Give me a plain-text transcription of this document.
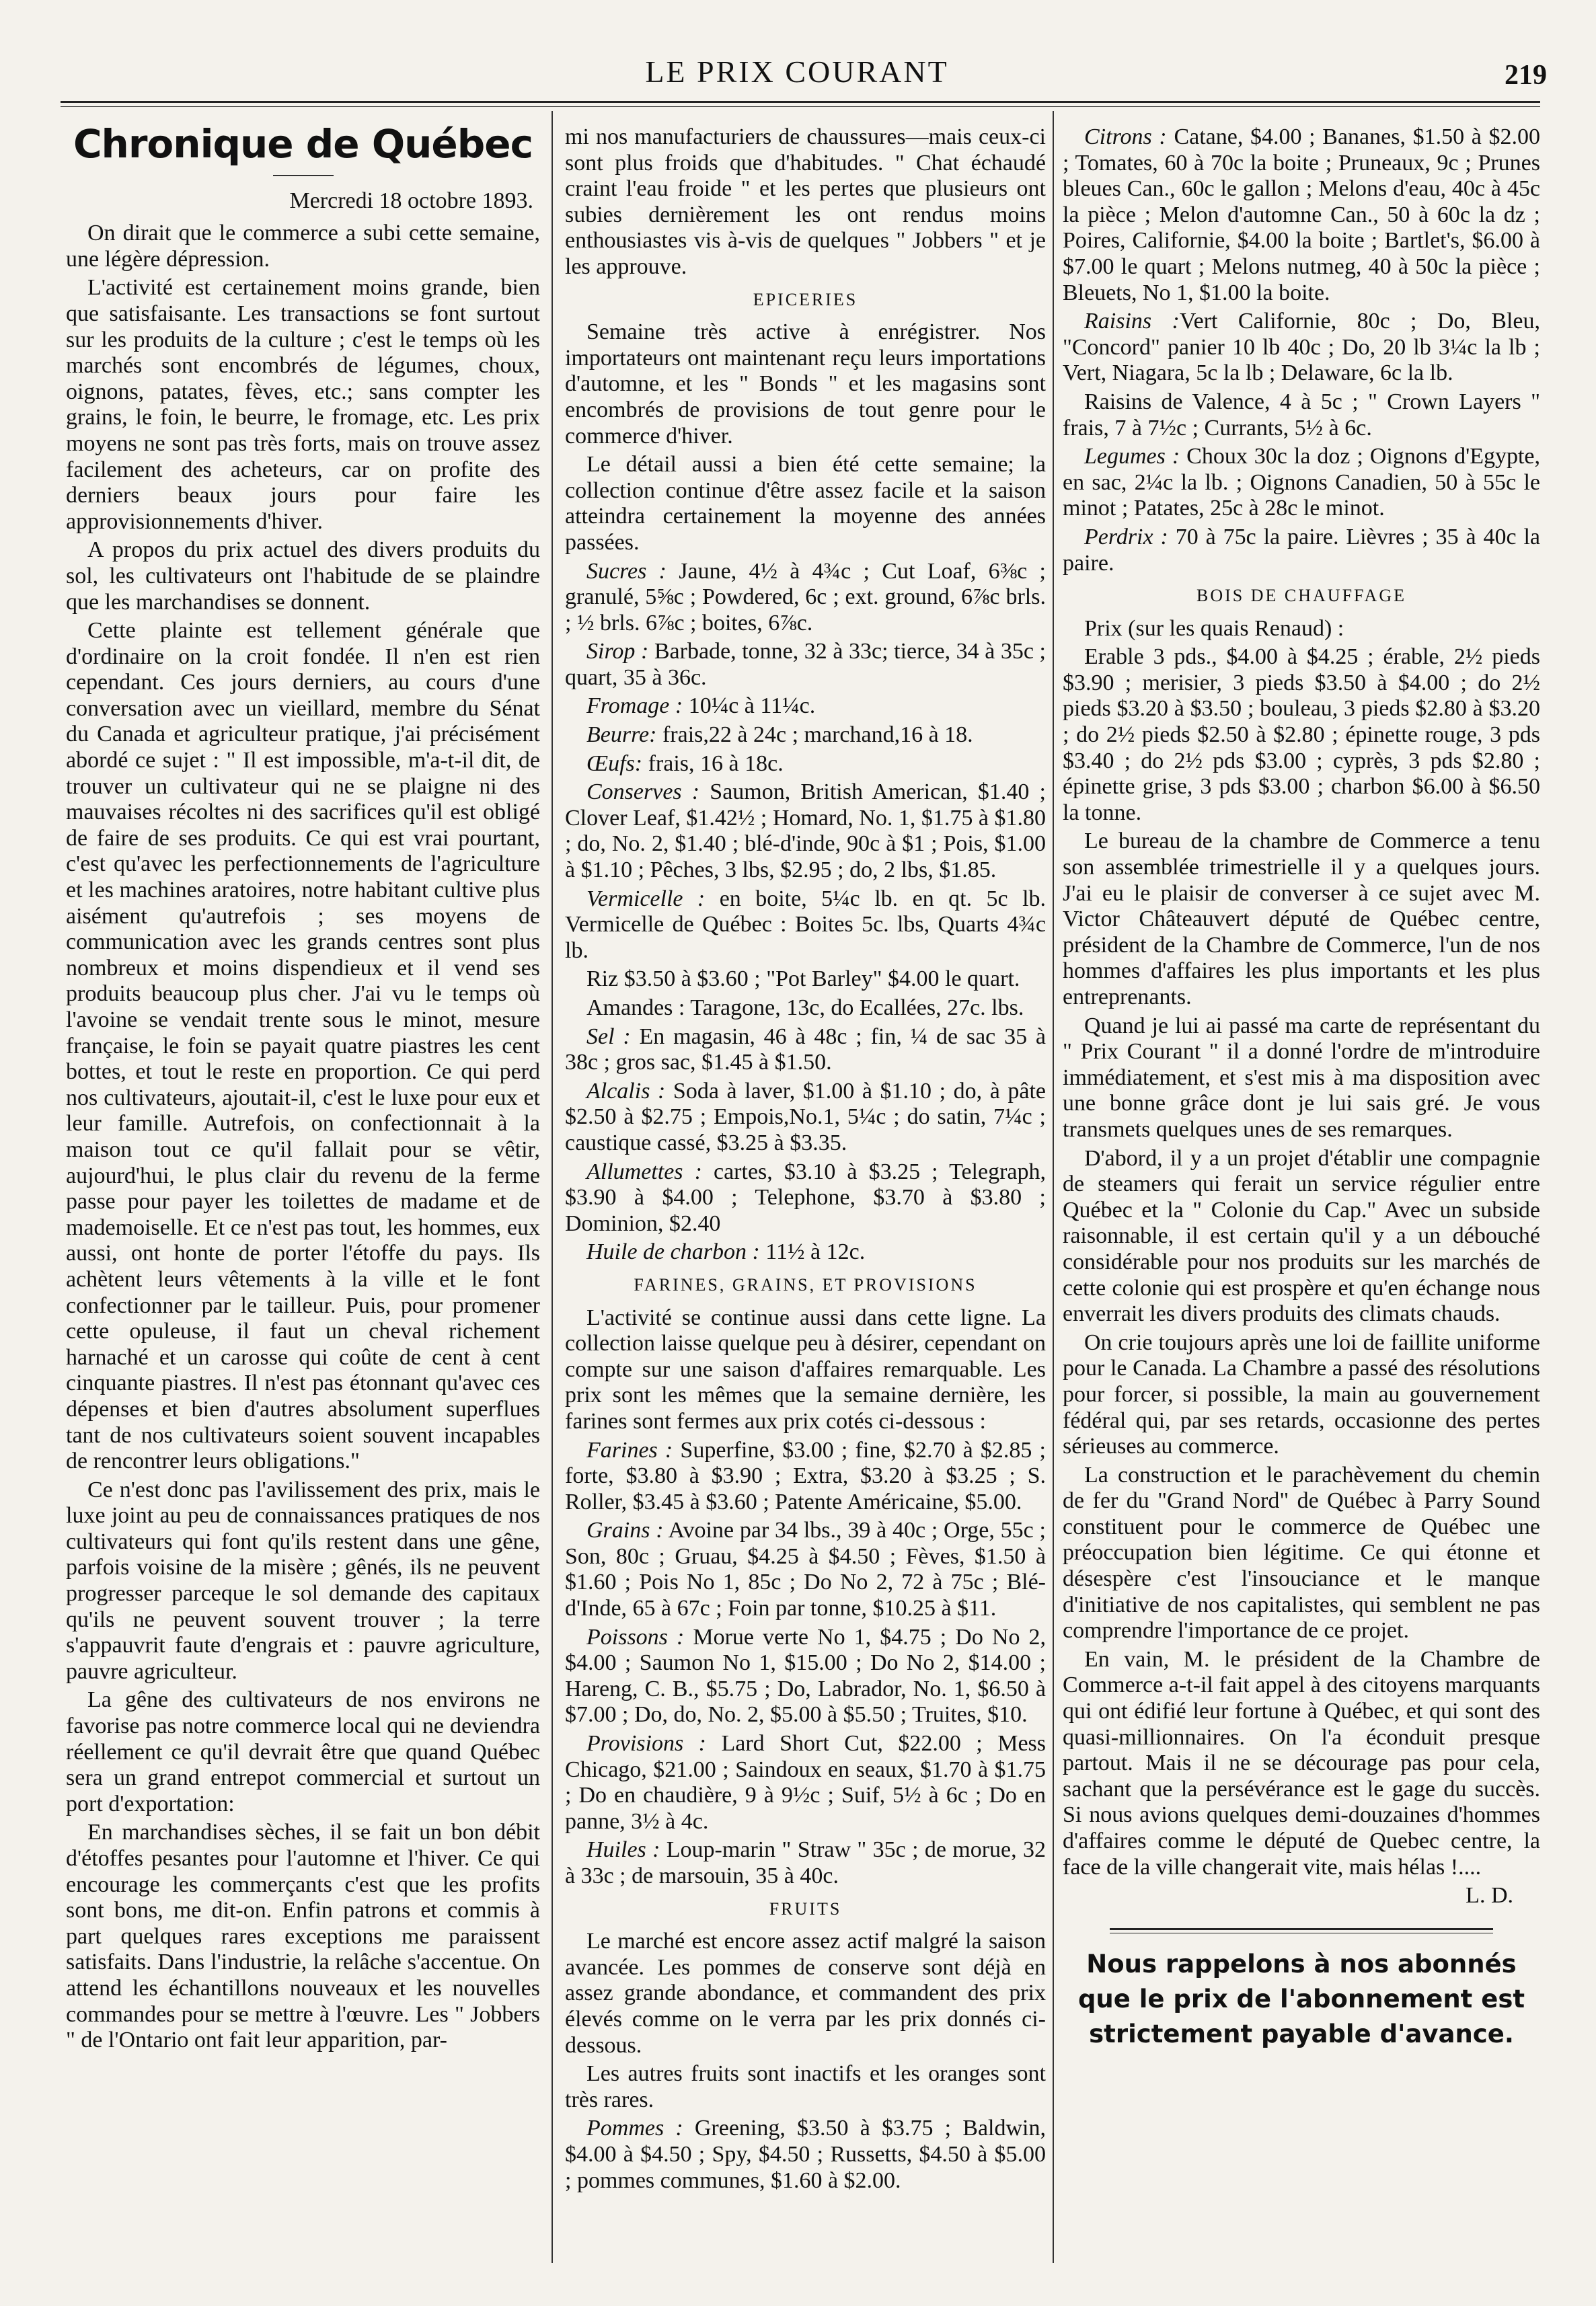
LE PRIX COURANT	219
Chronique de Québec
Mercredi 18 octobre 1893.

On dirait que le commerce a subi cette semaine, une légère dépression.

L'activité est certainement moins grande, bien que satisfaisante. Les transactions se font surtout sur les produits de la culture ; c'est le temps où les marchés sont encombrés de légumes, choux, oignons, patates, fèves, etc.; sans compter les grains, le foin, le beurre, le fromage, etc. Les prix moyens ne sont pas très forts, mais on trouve assez facilement des acheteurs, car on profite des derniers beaux jours pour faire les approvisionnements d'hiver.

A propos du prix actuel des divers produits du sol, les cultivateurs ont l'habitude de se plaindre que les marchandises se donnent.

Cette plainte est tellement générale que d'ordinaire on la croit fondée. Il n'en est rien cependant. Ces jours derniers, au cours d'une conversation avec un vieillard, membre du Sénat du Canada et agriculteur pratique, j'ai précisément abordé ce sujet : " Il est impossible, m'a-t-il dit, de trouver un cultivateur qui ne se plaigne ni des mauvaises récoltes ni des sacrifices qu'il est obligé de faire de ses produits. Ce qui est vrai pourtant, c'est qu'avec les perfectionnements de l'agriculture et les machines aratoires, notre habitant cultive plus aisément qu'autrefois ; ses moyens de communication avec les grands centres sont plus nombreux et moins dispendieux et il vend ses produits beaucoup plus cher. J'ai vu le temps où l'avoine se vendait trente sous le minot, mesure française, le foin se payait quatre piastres les cent bottes, et tout le reste en proportion. Ce qui perd nos cultivateurs, ajoutait-il, c'est le luxe pour eux et leur famille. Autrefois, on confectionnait à la maison tout ce qu'il fallait pour se vêtir, aujourd'hui, le plus clair du revenu de la ferme passe pour payer les toilettes de madame et de mademoiselle. Et ce n'est pas tout, les hommes, eux aussi, ont honte de porter l'étoffe du pays. Ils achètent leurs vêtements à la ville et le font confectionner par le tailleur. Puis, pour promener cette opuleuse, il faut un cheval richement harnaché et un carosse qui coûte de cent à cent cinquante piastres. Il n'est pas étonnant qu'avec ces dépenses et bien d'autres absolument superflues tant de nos cultivateurs soient souvent incapables de rencontrer leurs obligations."

Ce n'est donc pas l'avilissement des prix, mais le luxe joint au peu de connaissances pratiques de nos cultivateurs qui font qu'ils restent dans une gêne, parfois voisine de la misère ; gênés, ils ne peuvent progresser parceque le sol demande des capitaux qu'ils ne peuvent souvent trouver ; la terre s'appauvrit faute d'engrais et : pauvre agriculture, pauvre agriculteur.

La gêne des cultivateurs de nos environs ne favorise pas notre commerce local qui ne deviendra réellement ce qu'il devrait être que quand Québec sera un grand entrepot commercial et surtout un port d'exportation:

En marchandises sèches, il se fait un bon débit d'étoffes pesantes pour l'automne et l'hiver. Ce qui encourage les commerçants c'est que les profits sont bons, me dit-on. Enfin patrons et commis à part quelques rares exceptions me paraissent satisfaits. Dans l'industrie, la relâche s'accentue. On attend les échantillons nouveaux et les nouvelles commandes pour se mettre à l'œuvre. Les " Jobbers " de l'Ontario ont fait leur apparition, par-

mi nos manufacturiers de chaussures—mais ceux-ci sont plus froids que d'habitudes. " Chat échaudé craint l'eau froide " et les pertes que plusieurs ont subies dernièrement les ont rendus moins enthousiastes vis à-vis de quelques " Jobbers " et je les approuve.

EPICERIES

Semaine très active à enrégistrer. Nos importateurs ont maintenant reçu leurs importations d'automne, et les " Bonds " et les magasins sont encombrés de provisions de tout genre pour le commerce d'hiver.

Le détail aussi a bien été cette semaine; la collection continue d'être assez facile et la saison atteindra certainement la moyenne des années passées.

Sucres : Jaune, 4½ à 4¾c ; Cut Loaf, 6⅜c ; granulé, 5⅝c ; Powdered, 6c ; ext. ground, 6⅞c brls. ; ½ brls. 6⅞c ; boites, 6⅞c.

Sirop : Barbade, tonne, 32 à 33c; tierce, 34 à 35c ; quart, 35 à 36c.

Fromage : 10¼c à 11¼c.

Beurre: frais,22 à 24c ; marchand,16 à 18.

Œufs: frais, 16 à 18c.

Conserves : Saumon, British American, $1.40 ; Clover Leaf, $1.42½ ; Homard, No. 1, $1.75 à $1.80 ; do, No. 2, $1.40 ; blé-d'inde, 90c à $1 ; Pois, $1.00 à $1.10 ; Pêches, 3 lbs, $2.95 ; do, 2 lbs, $1.85.

Vermicelle : en boite, 5¼c lb. en qt. 5c lb. Vermicelle de Québec : Boites 5c. lbs, Quarts 4¾c lb.

Riz $3.50 à $3.60 ; "Pot Barley" $4.00 le quart.

Amandes : Taragone, 13c, do Ecallées, 27c. lbs.

Sel : En magasin, 46 à 48c ; fin, ¼ de sac 35 à 38c ; gros sac, $1.45 à $1.50.

Alcalis : Soda à laver, $1.00 à $1.10 ; do, à pâte $2.50 à $2.75 ; Empois,No.1, 5¼c ; do satin, 7¼c ; caustique cassé, $3.25 à $3.35.

Allumettes : cartes, $3.10 à $3.25 ; Telegraph, $3.90 à $4.00 ; Telephone, $3.70 à $3.80 ; Dominion, $2.40

Huile de charbon : 11½ à 12c.

FARINES, GRAINS, ET PROVISIONS

L'activité se continue aussi dans cette ligne. La collection laisse quelque peu à désirer, cependant on compte sur une saison d'affaires remarquable. Les prix sont les mêmes que la semaine dernière, les farines sont fermes aux prix cotés ci-dessous :

Farines : Superfine, $3.00 ; fine, $2.70 à $2.85 ; forte, $3.80 à $3.90 ; Extra, $3.20 à $3.25 ; S. Roller, $3.45 à $3.60 ; Patente Américaine, $5.00.

Grains : Avoine par 34 lbs., 39 à 40c ; Orge, 55c ; Son, 80c ; Gruau, $4.25 à $4.50 ; Fèves, $1.50 à $1.60 ; Pois No 1, 85c ; Do No 2, 72 à 75c ; Blé-d'Inde, 65 à 67c ; Foin par tonne, $10.25 à $11.

Poissons : Morue verte No 1, $4.75 ; Do No 2, $4.00 ; Saumon No 1, $15.00 ; Do No 2, $14.00 ; Hareng, C. B., $5.75 ; Do, Labrador, No. 1, $6.50 à $7.00 ; Do, do, No. 2, $5.00 à $5.50 ; Truites, $10.

Provisions : Lard Short Cut, $22.00 ; Mess Chicago, $21.00 ; Saindoux en seaux, $1.70 à $1.75 ; Do en chaudière, 9 à 9½c ; Suif, 5½ à 6c ; Do en panne, 3½ à 4c.

Huiles : Loup-marin " Straw " 35c ; de morue, 32 à 33c ; de marsouin, 35 à 40c.

FRUITS

Le marché est encore assez actif malgré la saison avancée. Les pommes de conserve sont déjà en assez grande abondance, et commandent des prix élevés comme on le verra par les prix donnés ci-dessous.

Les autres fruits sont inactifs et les oranges sont très rares.

Pommes : Greening, $3.50 à $3.75 ; Baldwin, $4.00 à $4.50 ; Spy, $4.50 ; Russetts, $4.50 à $5.00 ; pommes communes, $1.60 à $2.00.

Citrons : Catane, $4.00 ; Bananes, $1.50 à $2.00 ; Tomates, 60 à 70c la boite ; Pruneaux, 9c ; Prunes bleues Can., 60c le gallon ; Melons d'eau, 40c à 45c la pièce ; Melon d'automne Can., 50 à 60c la dz ; Poires, Californie, $4.00 la boite ; Bartlet's, $6.00 à $7.00 le quart ; Melons nutmeg, 40 à 50c la pièce ; Bleuets, No 1, $1.00 la boite.

Raisins :Vert Californie, 80c ; Do, Bleu, "Concord" panier 10 lb 40c ; Do, 20 lb 3¼c la lb ; Vert, Niagara, 5c la lb ; Delaware, 6c la lb.

Raisins de Valence, 4 à 5c ; " Crown Layers " frais, 7 à 7½c ; Currants, 5½ à 6c.

Legumes : Choux 30c la doz ; Oignons d'Egypte, en sac, 2¼c la lb. ; Oignons Canadien, 50 à 55c le minot ; Patates, 25c à 28c le minot.

Perdrix : 70 à 75c la paire. Lièvres ; 35 à 40c la paire.

BOIS DE CHAUFFAGE

Prix (sur les quais Renaud) :

Erable 3 pds., $4.00 à $4.25 ; érable, 2½ pieds $3.90 ; merisier, 3 pieds $3.50 à $4.00 ; do 2½ pieds $3.20 à $3.50 ; bouleau, 3 pieds $2.80 à $3.20 ; do 2½ pieds $2.50 à $2.80 ; épinette rouge, 3 pds $3.40 ; do 2½ pds $3.00 ; cyprès, 3 pds $2.80 ; épinette grise, 3 pds $3.00 ; charbon $6.00 à $6.50 la tonne.

Le bureau de la chambre de Commerce a tenu son assemblée trimestrielle il y a quelques jours. J'ai eu le plaisir de converser à ce sujet avec M. Victor Châteauvert député de Québec centre, président de la Chambre de Commerce, l'un de nos hommes d'affaires les plus importants et les plus entreprenants.

Quand je lui ai passé ma carte de représentant du " Prix Courant " il a donné l'ordre de m'introduire immédiatement, et s'est mis à ma disposition avec une bonne grâce dont je lui sais gré. Je vous transmets quelques unes de ses remarques.

D'abord, il y a un projet d'établir une compagnie de steamers qui ferait un service régulier entre Québec et la " Colonie du Cap." Avec un subside raisonnable, il est certain qu'il y a un débouché considérable pour nos produits sur les marchés de cette colonie qui est prospère et qu'en échange nous enverrait les divers produits des climats chauds.

On crie toujours après une loi de faillite uniforme pour le Canada. La Chambre a passé des résolutions pour forcer, si possible, la main au gouvernement fédéral qui, par ses retards, occasionne des pertes sérieuses au commerce.

La construction et le parachèvement du chemin de fer du "Grand Nord" de Québec à Parry Sound constituent pour le commerce de Québec une préoccupation bien légitime. Ce qui étonne et désespère c'est l'insouciance et le manque d'initiative de nos capitalistes, qui semblent ne pas comprendre l'importance de ce projet.

En vain, M. le président de la Chambre de Commerce a-t-il fait appel à des citoyens marquants qui ont édifié leur fortune à Québec, et qui sont des quasi-millionnaires. On l'a éconduit presque partout. Mais il ne se décourage pas pour cela, sachant que la persévérance est le gage du succès. Si nous avions quelques demi-douzaines d'hommes d'affaires comme le député de Quebec centre, la face de la ville changerait vite, mais hélas !....

L. D.
Nous rappelons à nos abonnés que le prix de l'abonnement est strictement payable d'avance.
